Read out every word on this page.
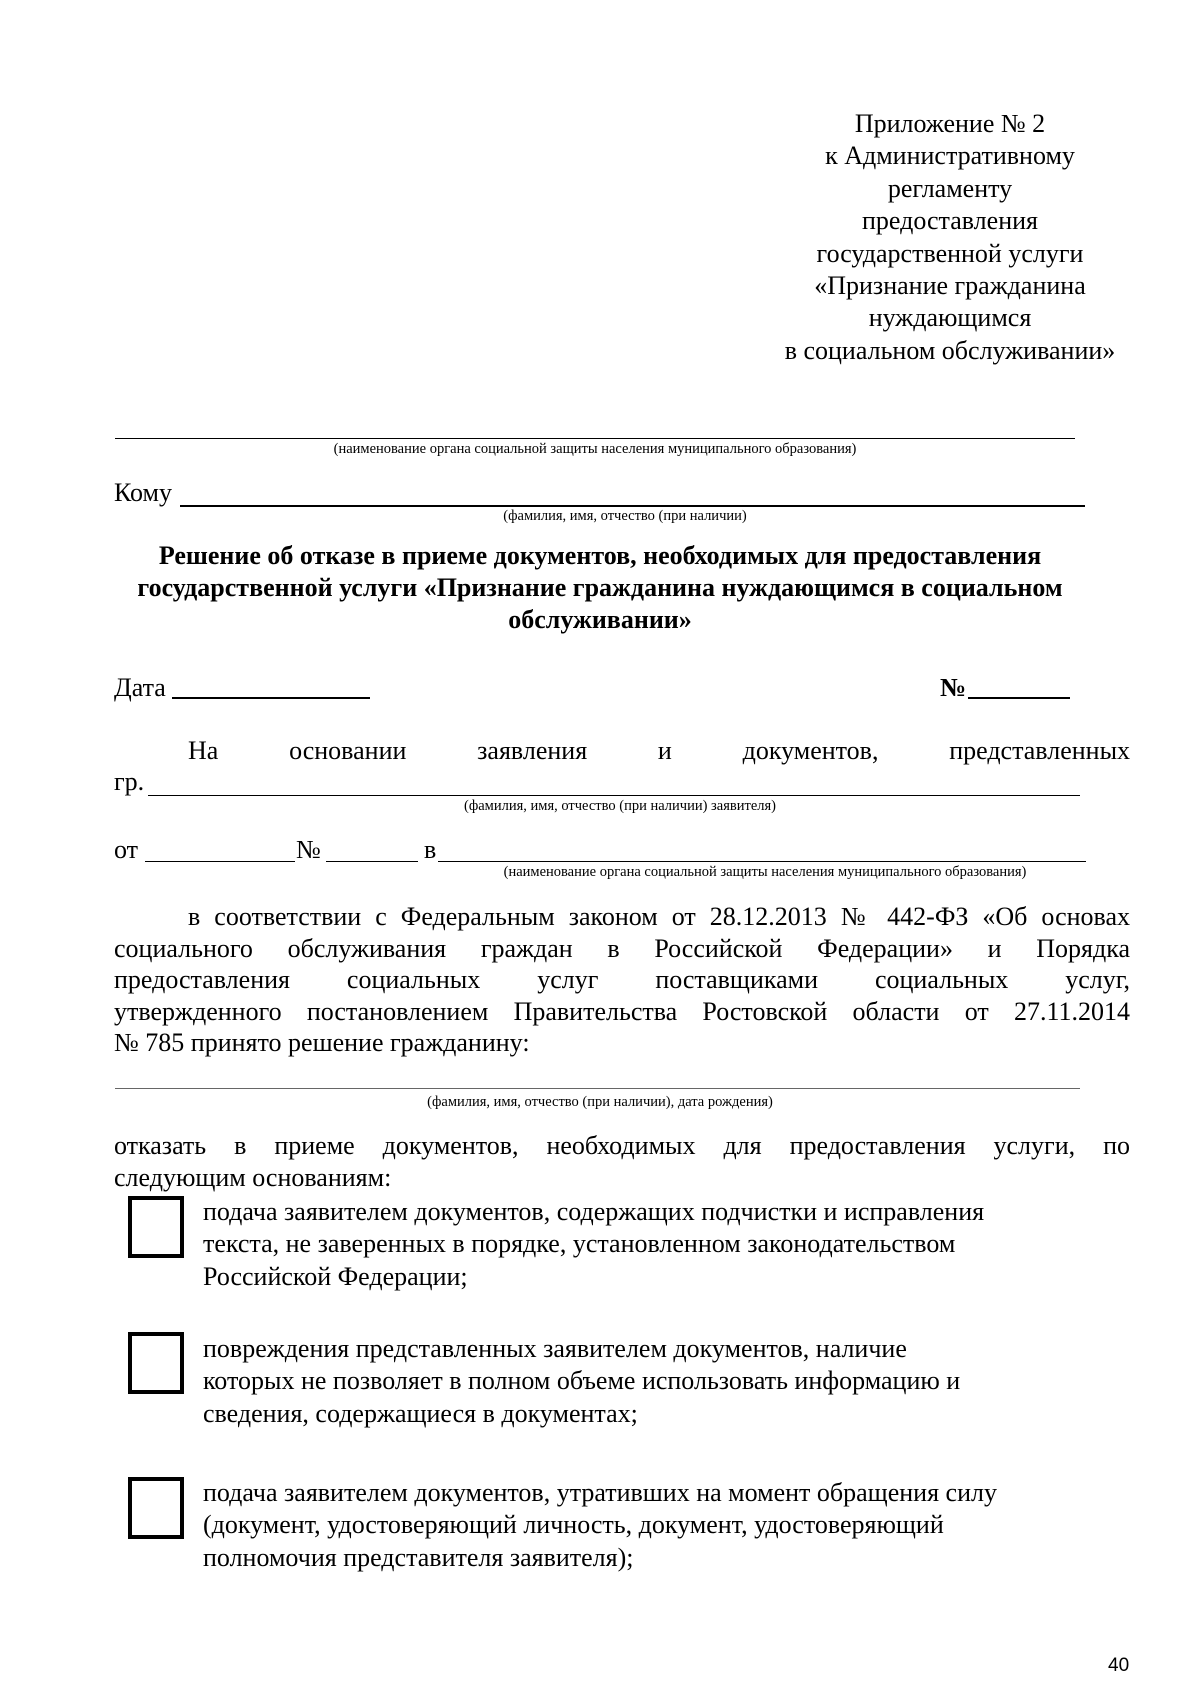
Приложение № 2
к Административному
регламенту
предоставления
государственной услуги
«Признание гражданина
нуждающимся
в социальном обслуживании»
(наименование органа социальной защиты населения муниципального образования)
Кому
(фамилия, имя, отчество (при наличии)
Решение об отказе в приеме документов, необходимых для предоставления
государственной услуги «Признание гражданина нуждающимся в социальном
обслуживании»
Дата	№
На	основании	заявления	и	документов,	представленных
гр.
(фамилия, имя, отчество (при наличии) заявителя)
от	№	в
(наименование органа социальной защиты населения муниципального образования)
в соответствии с Федеральным законом от 28.12.2013 № 442-ФЗ «Об основах
социального обслуживания граждан в Российской Федерации» и Порядка
предоставления социальных услуг поставщиками социальных услуг,
утвержденного постановлением Правительства Ростовской области от 27.11.2014
№ 785 принято решение гражданину:
(фамилия, имя, отчество (при наличии), дата рождения)
отказать в приеме документов, необходимых для предоставления услуги, по
следующим основаниям:
подача заявителем документов, содержащих подчистки и исправления
текста, не заверенных в порядке, установленном законодательством
Российской Федерации;
повреждения представленных заявителем документов, наличие
которых не позволяет в полном объеме использовать информацию и
сведения, содержащиеся в документах;
подача заявителем документов, утративших на момент обращения силу
(документ, удостоверяющий личность, документ, удостоверяющий
полномочия представителя заявителя);
40
